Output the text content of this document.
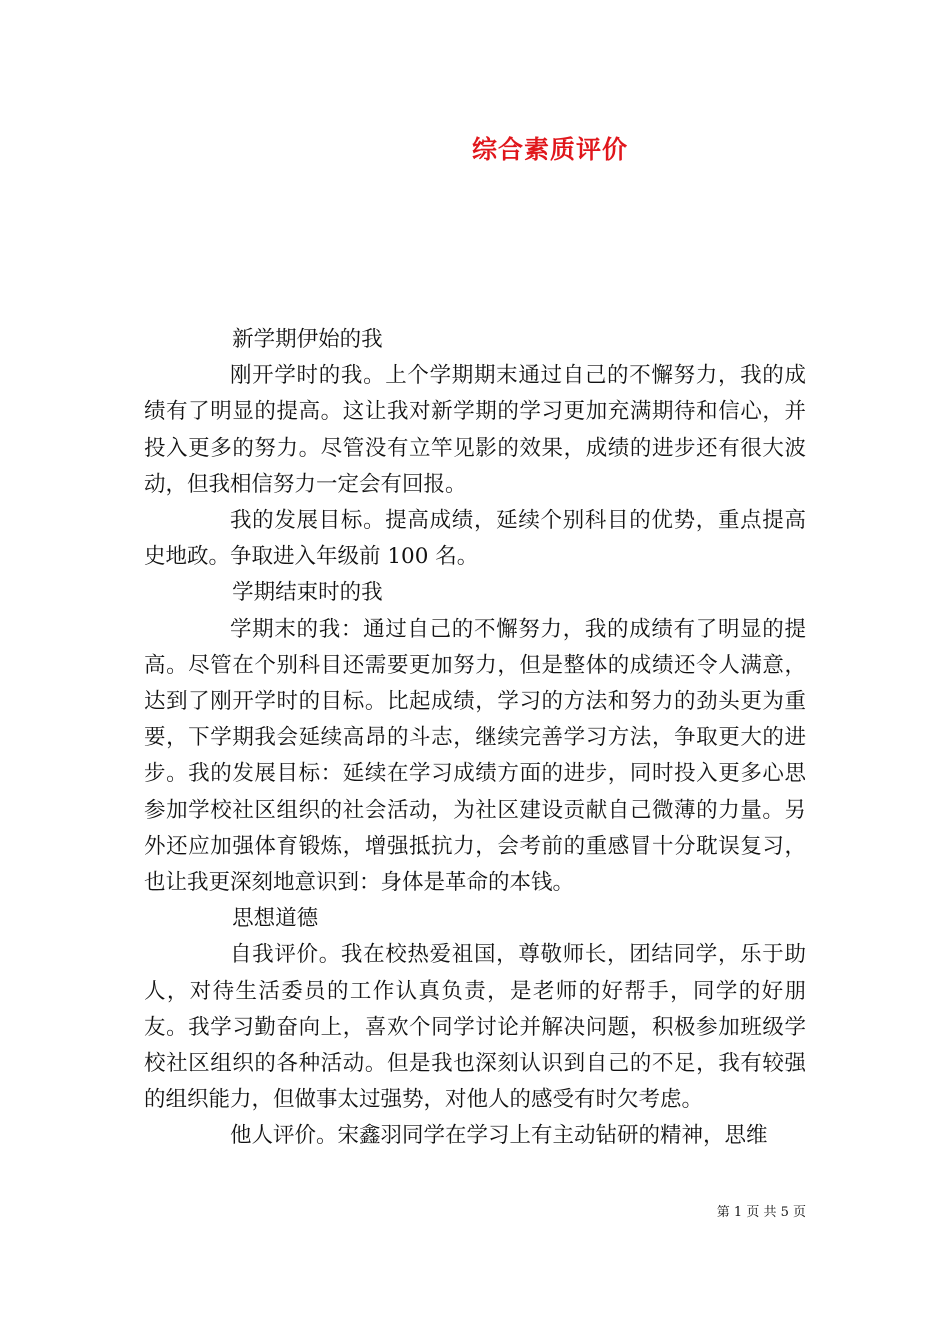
综合素质评价

新学期伊始的我

刚开学时的我。上个学期期末通过自己的不懈努力，我的成绩有了明显的提高。这让我对新学期的学习更加充满期待和信心，并投入更多的努力。尽管没有立竿见影的效果，成绩的进步还有很大波动，但我相信努力一定会有回报。

我的发展目标。提高成绩，延续个别科目的优势，重点提高史地政。争取进入年级前 100 名。

学期结束时的我

学期末的我：通过自己的不懈努力，我的成绩有了明显的提高。尽管在个别科目还需要更加努力，但是整体的成绩还令人满意，达到了刚开学时的目标。比起成绩，学习的方法和努力的劲头更为重要，下学期我会延续高昂的斗志，继续完善学习方法，争取更大的进步。我的发展目标：延续在学习成绩方面的进步，同时投入更多心思参加学校社区组织的社会活动，为社区建设贡献自己微薄的力量。另外还应加强体育锻炼，增强抵抗力，会考前的重感冒十分耽误复习，也让我更深刻地意识到：身体是革命的本钱。

思想道德

自我评价。我在校热爱祖国，尊敬师长，团结同学，乐于助人，对待生活委员的工作认真负责，是老师的好帮手，同学的好朋友。我学习勤奋向上，喜欢个同学讨论并解决问题，积极参加班级学校社区组织的各种活动。但是我也深刻认识到自己的不足，我有较强的组织能力，但做事太过强势，对他人的感受有时欠考虑。

他人评价。宋鑫羽同学在学习上有主动钻研的精神，思维

第 1 页 共 5 页
